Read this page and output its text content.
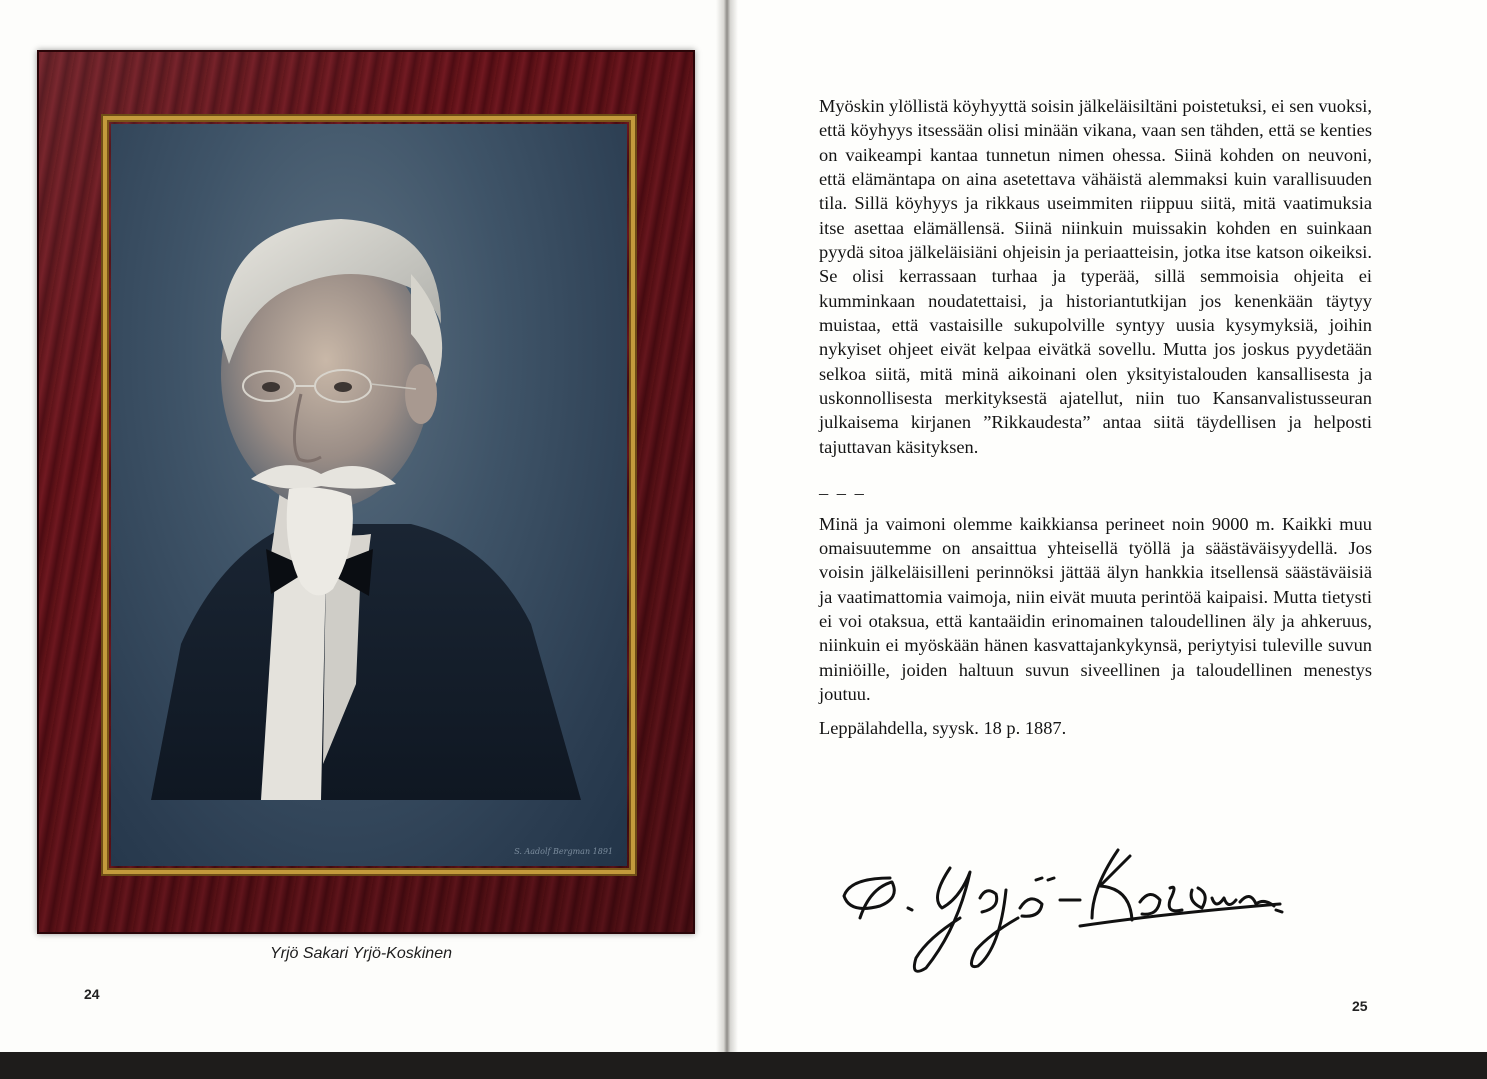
S. Aadolf Bergman 1891
Yrjö Sakari Yrjö-Koskinen
24

Myöskin ylöllistä köyhyyttä soisin jälkeläisiltäni poistetuksi, ei sen vuoksi, että köyhyys itsessään olisi minään vikana, vaan sen tähden, että se kenties on vaikeampi kantaa tunnetun nimen ohessa. Siinä kohden on neuvoni, että elämäntapa on aina asetettava vähäistä alemmaksi kuin varallisuuden tila. Sillä köyhyys ja rikkaus useimmiten riippuu siitä, mitä vaatimuksia itse asettaa elämällensä. Siinä niinkuin muissakin kohden en suinkaan pyydä sitoa jälkeläisiäni ohjeisin ja periaatteisin, jotka itse katson oikeiksi. Se olisi kerrassaan turhaa ja typerää, sillä semmoisia ohjeita ei kumminkaan noudatettaisi, ja historiantutkijan jos kenenkään täytyy muistaa, että vastaisille sukupolville syntyy uusia kysymyksiä, joihin nykyiset ohjeet eivät kelpaa eivätkä sovellu. Mutta jos joskus pyydetään selkoa siitä, mitä minä aikoinani olen yksityistalouden kansallisesta ja uskonnollisesta merkityksestä ajatellut, niin tuo Kansanvalistusseuran julkaisema kirjanen ”Rikkaudesta” antaa siitä täydellisen ja helposti tajuttavan käsityksen.

– – –

Minä ja vaimoni olemme kaikkiansa perineet noin 9000 m. Kaikki muu omaisuutemme on ansaittua yhteisellä työllä ja säästäväisyydellä. Jos voisin jälkeläisilleni perinnöksi jättää älyn hankkia itsellensä säästäväisiä ja vaatimattomia vaimoja, niin eivät muuta perintöä kaipaisi. Mutta tietysti ei voi otaksua, että kantaäidin erinomainen taloudellinen äly ja ahkeruus, niinkuin ei myöskään hänen kasvattajankykynsä, periytyisi tuleville suvun miniöille, joiden haltuun suvun siveellinen ja taloudellinen menestys joutuu.

Leppälahdella, syysk. 18 p. 1887.

25
